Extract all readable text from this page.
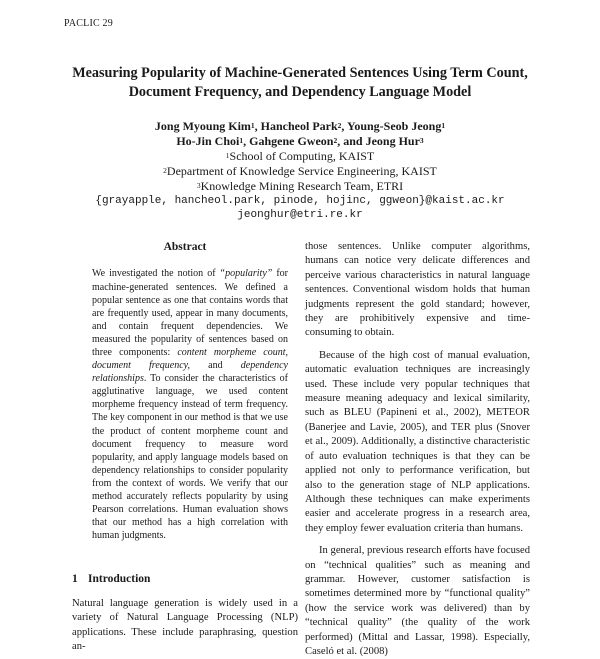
PACLIC 29
Measuring Popularity of Machine-Generated Sentences Using Term Count,
Document Frequency, and Dependency Language Model
Jong Myoung Kim$^1$, Hancheol Park$^2$, Young-Seob Jeong$^1$
Ho-Jin Choi$^1$, Gahgene Gweon$^2$, and Jeong Hur$^3$
$^1$School of Computing, KAIST
$^2$Department of Knowledge Service Engineering, KAIST
$^3$Knowledge Mining Research Team, ETRI
{grayapple, hancheol.park, pinode, hojinc, ggweon}@kaist.ac.kr
jeonghur@etri.re.kr
Abstract

We investigated the notion of “popularity” for machine-generated sentences. We defined a popular sentence as one that contains words that are frequently used, appear in many documents, and contain frequent dependencies. We measured the popularity of sentences based on three components: content morpheme count, document frequency, and dependency relationships. To consider the characteristics of agglutinative language, we used content morpheme frequency instead of term frequency. The key component in our method is that we use the product of content morpheme count and document frequency to measure word popularity, and apply language models based on dependency relationships to consider popularity from the context of words. We verify that our method accurately reflects popularity by using Pearson correlations. Human evaluation shows that our method has a high correlation with human judgments.

1 Introduction

Natural language generation is widely used in a variety of Natural Language Processing (NLP) applications. These include paraphrasing, question an-

those sentences. Unlike computer algorithms, humans can notice very delicate differences and perceive various characteristics in natural language sentences. Conventional wisdom holds that human judgments represent the gold standard; however, they are prohibitively expensive and time-consuming to obtain.

Because of the high cost of manual evaluation, automatic evaluation techniques are increasingly used. These include very popular techniques that measure meaning adequacy and lexical similarity, such as BLEU (Papineni et al., 2002), METEOR (Banerjee and Lavie, 2005), and TER plus (Snover et al., 2009). Additionally, a distinctive characteristic of auto evaluation techniques is that they can be applied not only to performance verification, but also to the generation stage of NLP applications. Although these techniques can make experiments easier and accelerate progress in a research area, they employ fewer evaluation criteria than humans.

In general, previous research efforts have focused on “technical qualities” such as meaning and grammar. However, customer satisfaction is sometimes determined more by “functional quality” (how the service work was delivered) than by “technical quality” (the quality of the work performed) (Mittal and Lassar, 1998). Especially, Caseló et al. (2008)
